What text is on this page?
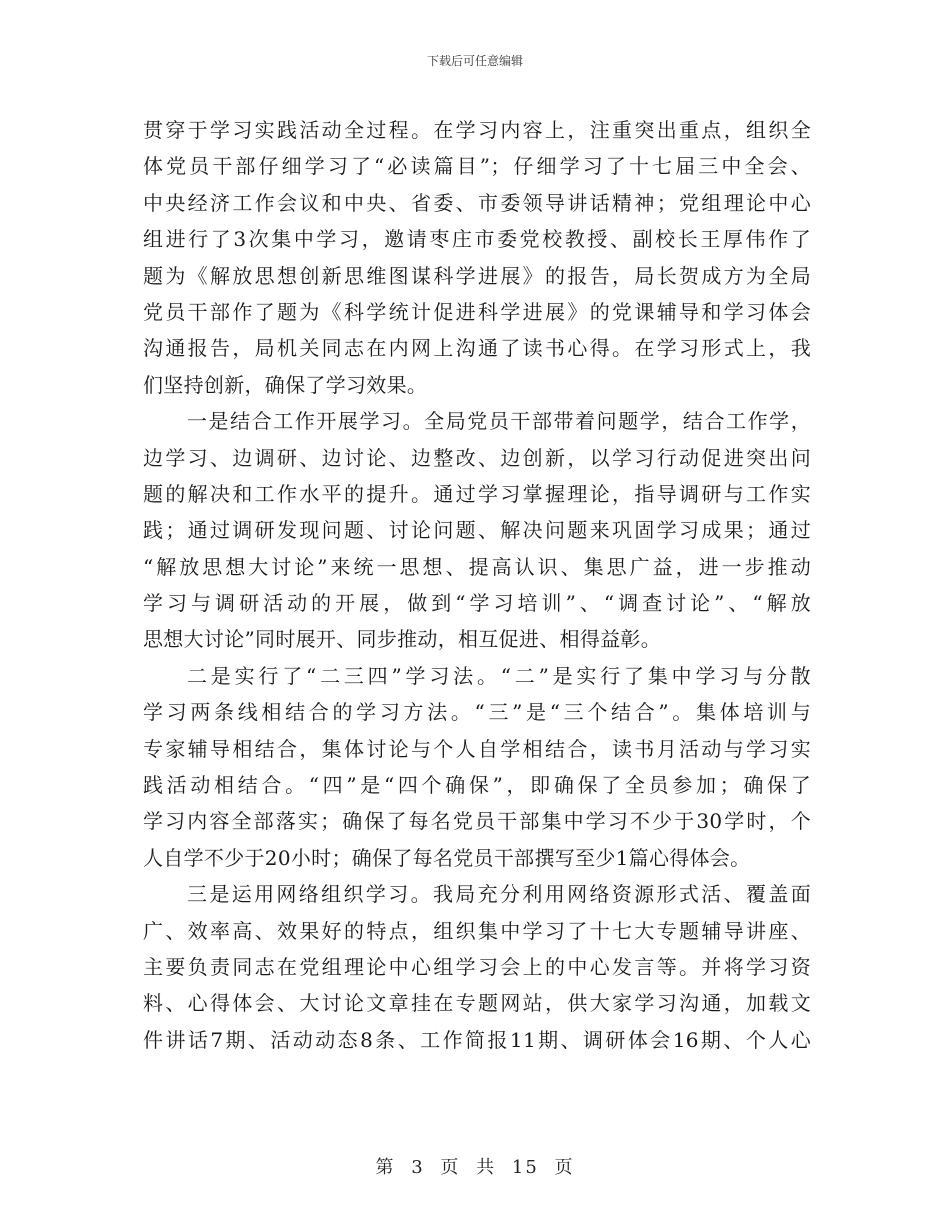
下载后可任意编辑
贯穿于学习实践活动全过程。在学习内容上，注重突出重点，组织全
体党员干部仔细学习了“必读篇目”；仔细学习了十七届三中全会、
中央经济工作会议和中央、省委、市委领导讲话精神；党组理论中心
组进行了3次集中学习，邀请枣庄市委党校教授、副校长王厚伟作了
题为《解放思想创新思维图谋科学进展》的报告，局长贺成方为全局
党员干部作了题为《科学统计促进科学进展》的党课辅导和学习体会
沟通报告，局机关同志在内网上沟通了读书心得。在学习形式上，我
们坚持创新，确保了学习效果。
一是结合工作开展学习。全局党员干部带着问题学，结合工作学，
边学习、边调研、边讨论、边整改、边创新，以学习行动促进突出问
题的解决和工作水平的提升。通过学习掌握理论，指导调研与工作实
践；通过调研发现问题、讨论问题、解决问题来巩固学习成果；通过
“解放思想大讨论”来统一思想、提高认识、集思广益，进一步推动
学习与调研活动的开展，做到“学习培训”、“调查讨论”、“解放
思想大讨论”同时展开、同步推动，相互促进、相得益彰。
二是实行了“二三四”学习法。“二”是实行了集中学习与分散
学习两条线相结合的学习方法。“三”是“三个结合”。集体培训与
专家辅导相结合，集体讨论与个人自学相结合，读书月活动与学习实
践活动相结合。“四”是“四个确保”，即确保了全员参加；确保了
学习内容全部落实；确保了每名党员干部集中学习不少于30学时，个
人自学不少于20小时；确保了每名党员干部撰写至少1篇心得体会。
三是运用网络组织学习。我局充分利用网络资源形式活、覆盖面
广、效率高、效果好的特点，组织集中学习了十七大专题辅导讲座、
主要负责同志在党组理论中心组学习会上的中心发言等。并将学习资
料、心得体会、大讨论文章挂在专题网站，供大家学习沟通，加载文
件讲话7期、活动动态8条、工作简报11期、调研体会16期、个人心
第 3 页 共 15 页
